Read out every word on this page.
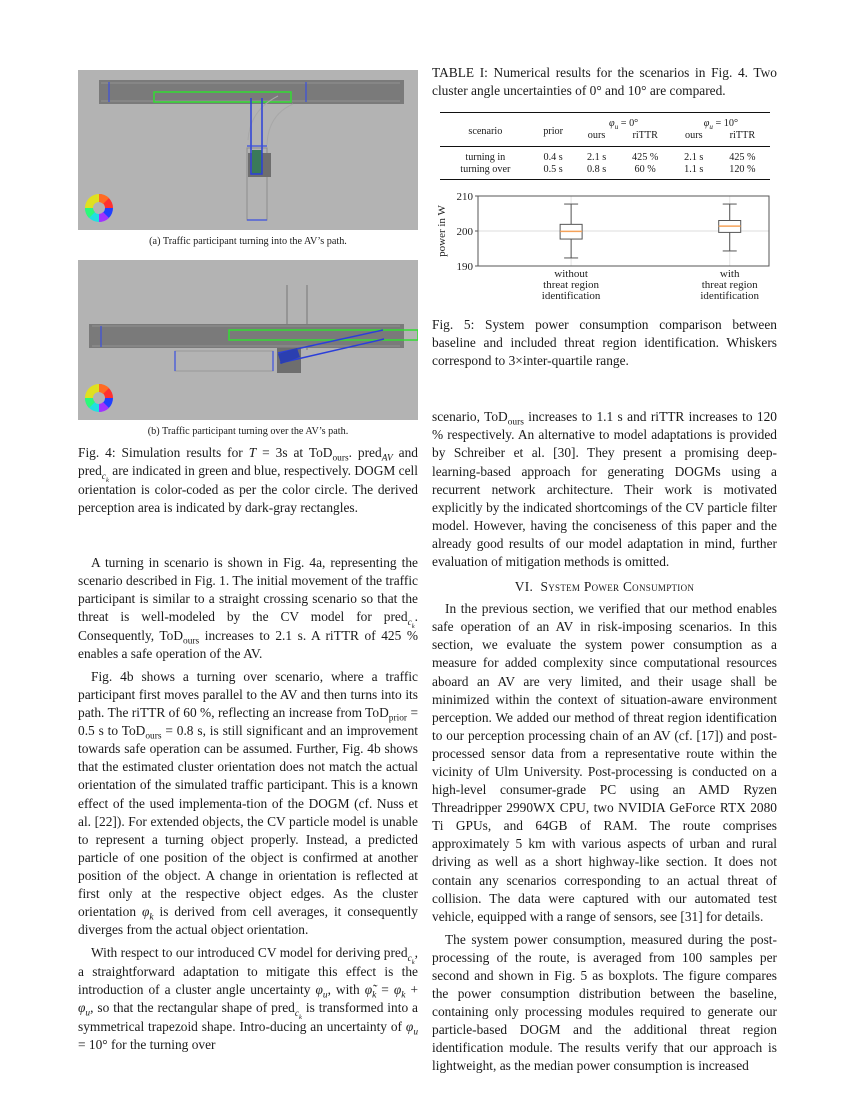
(a) Traffic participant turning into the AV’s path.

(b) Traffic participant turning over the AV’s path.

Fig. 4: Simulation results for T = 3s at ToD$_{ours}$. pred$_{AV}$ and pred$_{c_k}$ are indicated in green and blue, respectively. DOGM cell orientation is color-coded as per the color circle. The derived perception area is indicated by dark-gray rectangles.

A turning in scenario is shown in Fig. 4a, representing the scenario described in Fig. 1. The initial movement of the traffic participant is similar to a straight crossing scenario so that the threat is well-modeled by the CV model for pred$_{c_k}$. Consequently, ToD$_{ours}$ increases to 2.1 s. A riTTR of 425 % enables a safe operation of the AV.

Fig. 4b shows a turning over scenario, where a traffic participant first moves parallel to the AV and then turns into its path. The riTTR of 60 %, reflecting an increase from ToD$_{prior}$ = 0.5 s to ToD$_{ours}$ = 0.8 s, is still significant and an improvement towards safe operation can be assumed. Further, Fig. 4b shows that the estimated cluster orientation does not match the actual orientation of the simulated traffic participant. This is a known effect of the used implementa-tion of the DOGM (cf. Nuss et al. [22]). For extended objects, the CV particle model is unable to represent a turning object properly. Instead, a predicted particle of one position of the object is confirmed at another position of the object. A change in orientation is reflected at first only at the respective object edges. As the cluster orientation $\varphi_k$ is derived from cell averages, it consequently diverges from the actual object orientation.

With respect to our introduced CV model for deriving pred$_{c_k}$, a straightforward adaptation to mitigate this effect is the introduction of a cluster angle uncertainty $\varphi_u$, with $\varphĩ_k = \varphi_k + \varphi_u$, so that the rectangular shape of pred$_{c_k}$ is transformed into a symmetrical trapezoid shape. Intro-ducing an uncertainty of $\varphi_u = 10^\circ$ for the turning over

TABLE I: Numerical results for the scenarios in Fig. 4. Two cluster angle uncertainties of 0° and 10° are compared.

scenario	prior	$\varphi_u = 0^\circ$		$\varphi_u = 10^\circ$	
		ours	riTTR	ours	riTTR
turning in	0.4 s	2.1 s	425 %	2.1 s	425 %
turning over	0.5 s	0.8 s	60 %	1.1 s	120 %
190
200
210
power in W
without
threat region
identification
with
threat region
identification

Fig. 5: System power consumption comparison between baseline and included threat region identification. Whiskers correspond to 3×inter-quartile range.

scenario, ToD$_{ours}$ increases to 1.1 s and riTTR increases to 120 % respectively. An alternative to model adaptations is provided by Schreiber et al. [30]. They present a promising deep-learning-based approach for generating DOGMs using a recurrent network architecture. Their work is motivated explicitly by the indicated shortcomings of the CV particle filter model. However, having the conciseness of this paper and the already good results of our model adaptation in mind, further evaluation of mitigation methods is omitted.

VI. System Power Consumption

In the previous section, we verified that our method enables safe operation of an AV in risk-imposing scenarios. In this section, we evaluate the system power consumption as a measure for added complexity since computational resources aboard an AV are very limited, and their usage shall be minimized within the context of situation-aware environment perception. We added our method of threat region identification to our perception processing chain of an AV (cf. [17]) and post-processed sensor data from a representative route within the vicinity of Ulm University. Post-processing is conducted on a high-level consumer-grade PC using an AMD Ryzen Threadripper 2990WX CPU, two NVIDIA GeForce RTX 2080 Ti GPUs, and 64GB of RAM. The route comprises approximately 5 km with various aspects of urban and rural driving as well as a short highway-like section. It does not contain any scenarios corresponding to an actual threat of collision. The data were captured with our automated test vehicle, equipped with a range of sensors, see [31] for details.

The system power consumption, measured during the post-processing of the route, is averaged from 100 samples per second and shown in Fig. 5 as boxplots. The figure compares the power consumption distribution between the baseline, containing only processing modules required to generate our particle-based DOGM and the additional threat region identification module. The results verify that our approach is lightweight, as the median power consumption is increased
